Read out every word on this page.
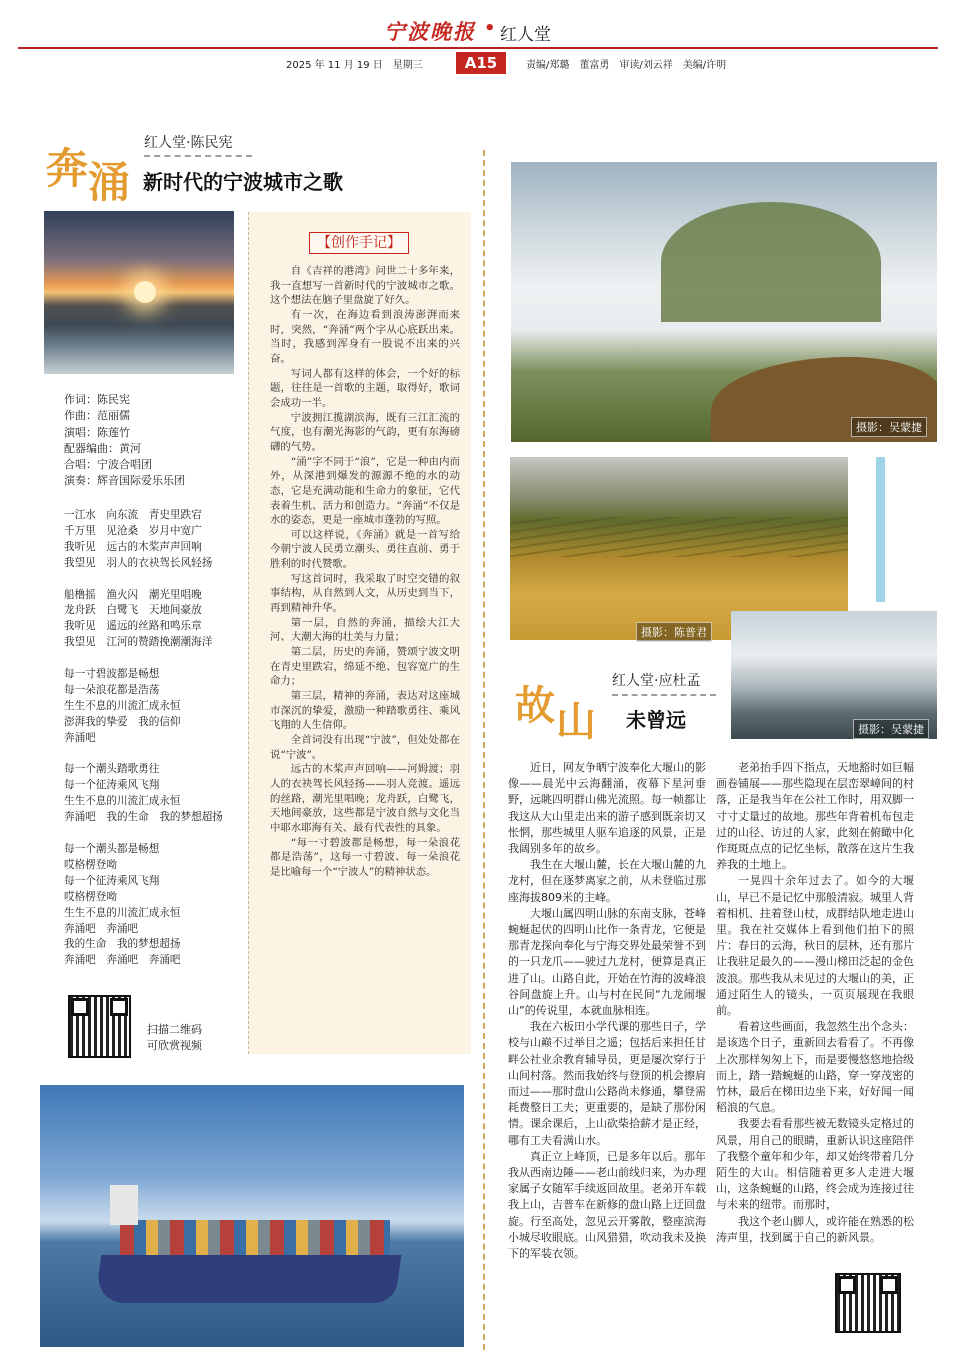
宁波晚报 • 红人堂
2025 年 11 月 19 日　星期三	A15	责编/郑璐　董富勇　审读/刘云祥　美编/许明
奔 涌
红人堂·陈民宪
新时代的宁波城市之歌
作词：陈民宪
作曲：范丽儒
演唱：陈莲竹
配器编曲：黄河
合唱：宁波合唱团
演奏：辉音国际爱乐乐团
一江水　向东流　青史里跌宕
千万里　见沧桑　岁月中宽广
我听见　远古的木桨声声回响
我望见　羽人的衣袂驾长风轻扬
船橹摇　渔火闪　潮光里唱晚
龙舟跃　白鹭飞　天地间豪放
我听见　遥远的丝路和鸣乐章
我望见　江河的赞踏挽潮潮海洋
每一寸碧波都是畅想
每一朵浪花都是浩荡
生生不息的川流汇成永恒
澎湃我的挚爱　我的信仰
奔涌吧
每一个潮头踏歌勇往
每一个征涛乘风飞翔
生生不息的川流汇成永恒
奔涌吧　我的生命　我的梦想超扬
每一个潮头都是畅想
哎格楞登呦
每一个征涛乘风飞翔
哎格楞登呦
生生不息的川流汇成永恒
奔涌吧　奔涌吧
我的生命　我的梦想超扬
奔涌吧　奔涌吧　奔涌吧
扫描二维码
可欣赏视频
【创作手记】

自《吉祥的港湾》问世二十多年来，我一直想写一首新时代的宁波城市之歌。这个想法在脑子里盘旋了好久。

有一次，在海边看到浪涛澎湃而来时，突然，“奔涌”两个字从心底跃出来。当时，我感到浑身有一股说不出来的兴奋。

写词人都有这样的体会，一个好的标题，往往是一首歌的主题，取得好，歌词会成功一半。

宁波拥江揽湖滨海，既有三江汇流的气度，也有潮光海影的气韵，更有东海磅礴的气势。

“涌”字不同于“浪”，它是一种由内而外，从深港到爆发的源源不绝的水的动态，它是充满动能和生命力的象征，它代表着生机、活力和创造力。“奔涌”不仅是水的姿态，更是一座城市蓬勃的写照。

可以这样说，《奔涌》就是一首写给今朝宁波人民勇立潮头、勇往直前、勇于胜利的时代赞歌。

写这首词时，我采取了时空交错的叙事结构，从自然到人文，从历史到当下，再到精神升华。

第一层，自然的奔涌，描绘大江大河、大潮大海的壮美与力量；

第二层，历史的奔涌，赞颂宁波文明在青史里跌宕，绵延不绝、包容宽广的生命力；

第三层，精神的奔涌，表达对这座城市深沉的挚爱，激励一种踏歌勇往、乘风飞翔的人生信仰。

全首词没有出现“宁波”，但处处都在说“宁波”。

远古的木桨声声回响——河姆渡；羽人的衣袂驾长风轻扬——羽人竞渡。遥远的丝路，潮光里唱晚；龙舟跃，白鹭飞，天地间豪放，这些都是宁波自然与文化当中耶水耶海有关、最有代表性的具象。

“每一寸碧波都是畅想，每一朵浪花都是浩荡”，这每一寸碧波、每一朵浪花是比喻每一个“宁波人”的精神状态。

摄影：吴蒙捷
摄影：陈普君
摄影：吴蒙捷
故 山
红人堂·应杜孟
未曾远

近日，网友争晒宁波奉化大堰山的影像——晨光中云海翻涌，夜幕下星河垂野，远眺四明群山佛光流照。每一帧都让我这从大山里走出来的游子感到既亲切又怅惘，那些城里人驱车追逐的风景，正是我阔别多年的故乡。

我生在大堰山麓，长在大堰山麓的九龙村，但在逐梦离家之前，从未登临过那座海拔809米的主峰。

大堰山属四明山脉的东南支脉，苍峰蜿蜒起伏的四明山比作一条青龙，它便是那青龙探向奉化与宁海交界处最荣誉不到的一只龙爪——驶过九龙村，便算是真正进了山。山路自此，开始在竹海的波峰浪谷间盘旋上升。山与村在民间“九龙闹堰山”的传说里，本就血脉相连。

我在六板田小学代课的那些日子，学校与山巅不过举目之遥；包括后来担任甘畔公社业余教育辅导员，更是屡次穿行于山间村落。然而我始终与登顶的机会擦肩而过——那时盘山公路尚未修通，攀登需耗费整日工夫；更重要的，是缺了那份闲情。课余课后，上山砍柴拾薪才是正经，哪有工夫看满山水。

真正立上峰顶，已是多年以后。那年我从西南边陲——老山前线归来，为办理家属子女随军手续返回故里。老弟开车载我上山，吉普车在新修的盘山路上迂回盘旋。行至高处，忽见云开雾散，整座滨海小城尽收眼底。山风猎猎，吹动我未及换下的军装衣领。

老弟抬手四下指点，天地豁时如巨幅画卷铺展——那些隐现在层峦翠嶂间的村落，正是我当年在公社工作时，用双脚一寸寸丈量过的故地。那些年背着机布包走过的山径、访过的人家，此刻在俯瞰中化作斑斑点点的记忆坐标，散落在这片生我养我的土地上。

一晃四十余年过去了。如今的大堰山，早已不是记忆中那般清寂。城里人背着相机、拄着登山杖，成群结队地走进山里。我在社交媒体上看到他们拍下的照片：春日的云海，秋日的层林，还有那片让我驻足最久的——漫山梯田泛起的金色波浪。那些我从未见过的大堰山的美，正通过陌生人的镜头，一页页展现在我眼前。

看着这些画面，我忽然生出个念头：是该选个日子，重新回去看看了。不再像上次那样匆匆上下，而是要慢悠悠地拾级而上，踏一踏蜿蜒的山路，穿一穿茂密的竹林，最后在梯田边坐下来，好好闻一闻稻浪的气息。

我要去看看那些被无数镜头定格过的风景，用自己的眼睛，重新认识这座陪伴了我整个童年和少年，却又始终带着几分陌生的大山。相信随着更多人走进大堰山，这条蜿蜒的山路，终会成为连接过往与未来的纽带。而那时，

我这个老山脚人，或许能在熟悉的松涛声里，找到属于自己的新风景。
